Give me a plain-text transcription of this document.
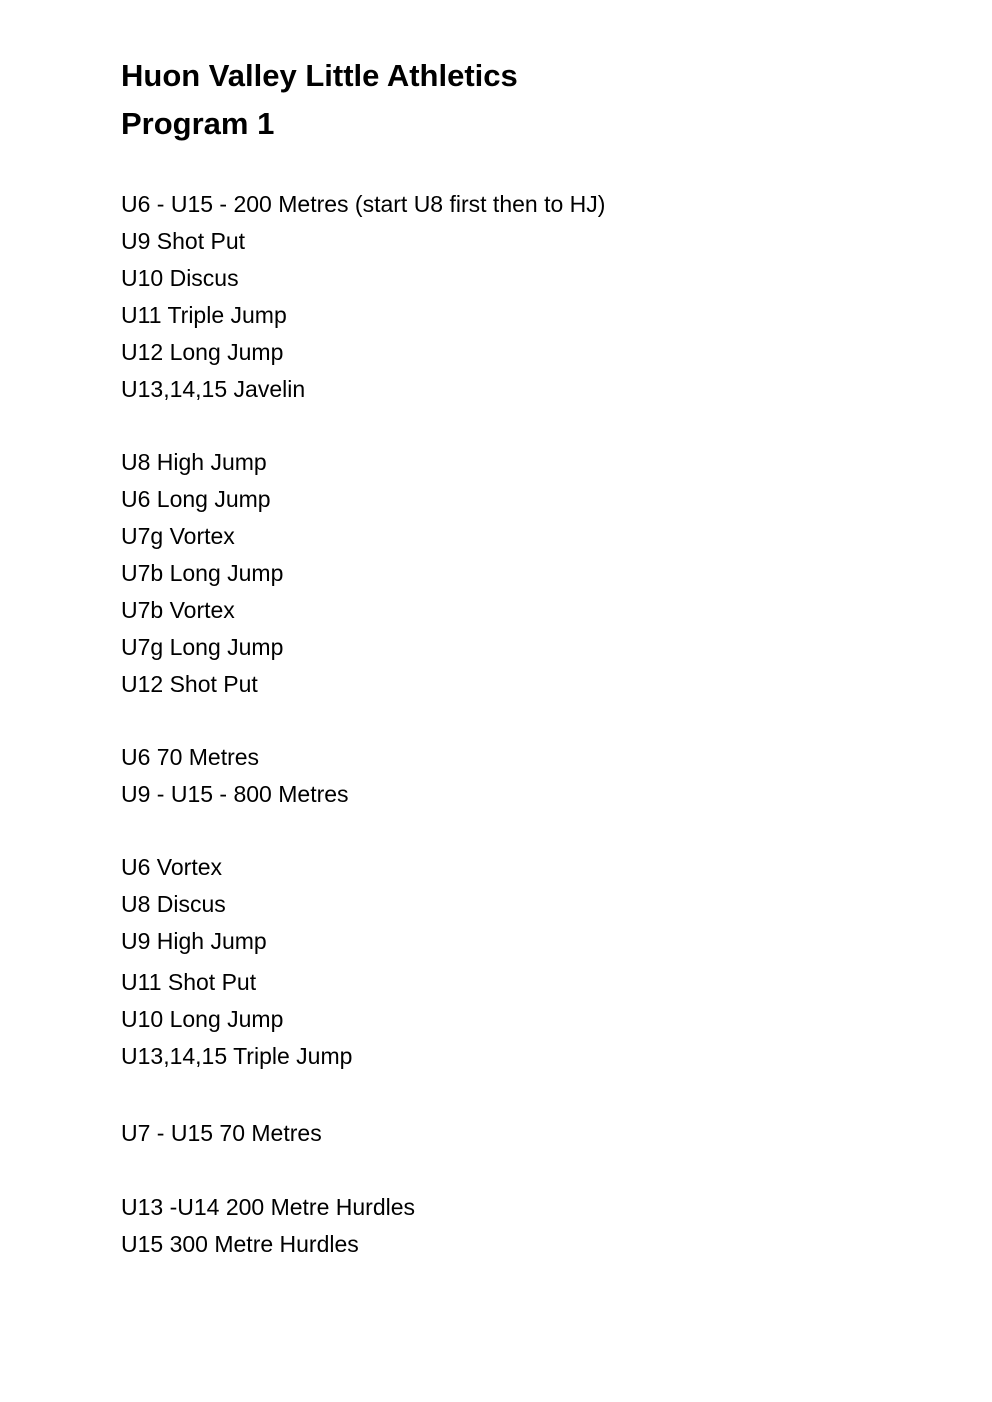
Huon Valley Little Athletics
Program 1
U6 - U15 - 200 Metres (start U8 first then to HJ)
U9 Shot Put
U10 Discus
U11 Triple Jump
U12 Long Jump
U13,14,15 Javelin
U8 High Jump
U6 Long Jump
U7g Vortex
U7b Long Jump
U7b Vortex
U7g Long Jump
U12 Shot Put
U6 70 Metres
U9 - U15 - 800 Metres
U6 Vortex
U8 Discus
U9 High Jump
U11 Shot Put
U10 Long Jump
U13,14,15 Triple Jump
U7 - U15 70 Metres
U13 -U14 200 Metre Hurdles
U15 300 Metre Hurdles
